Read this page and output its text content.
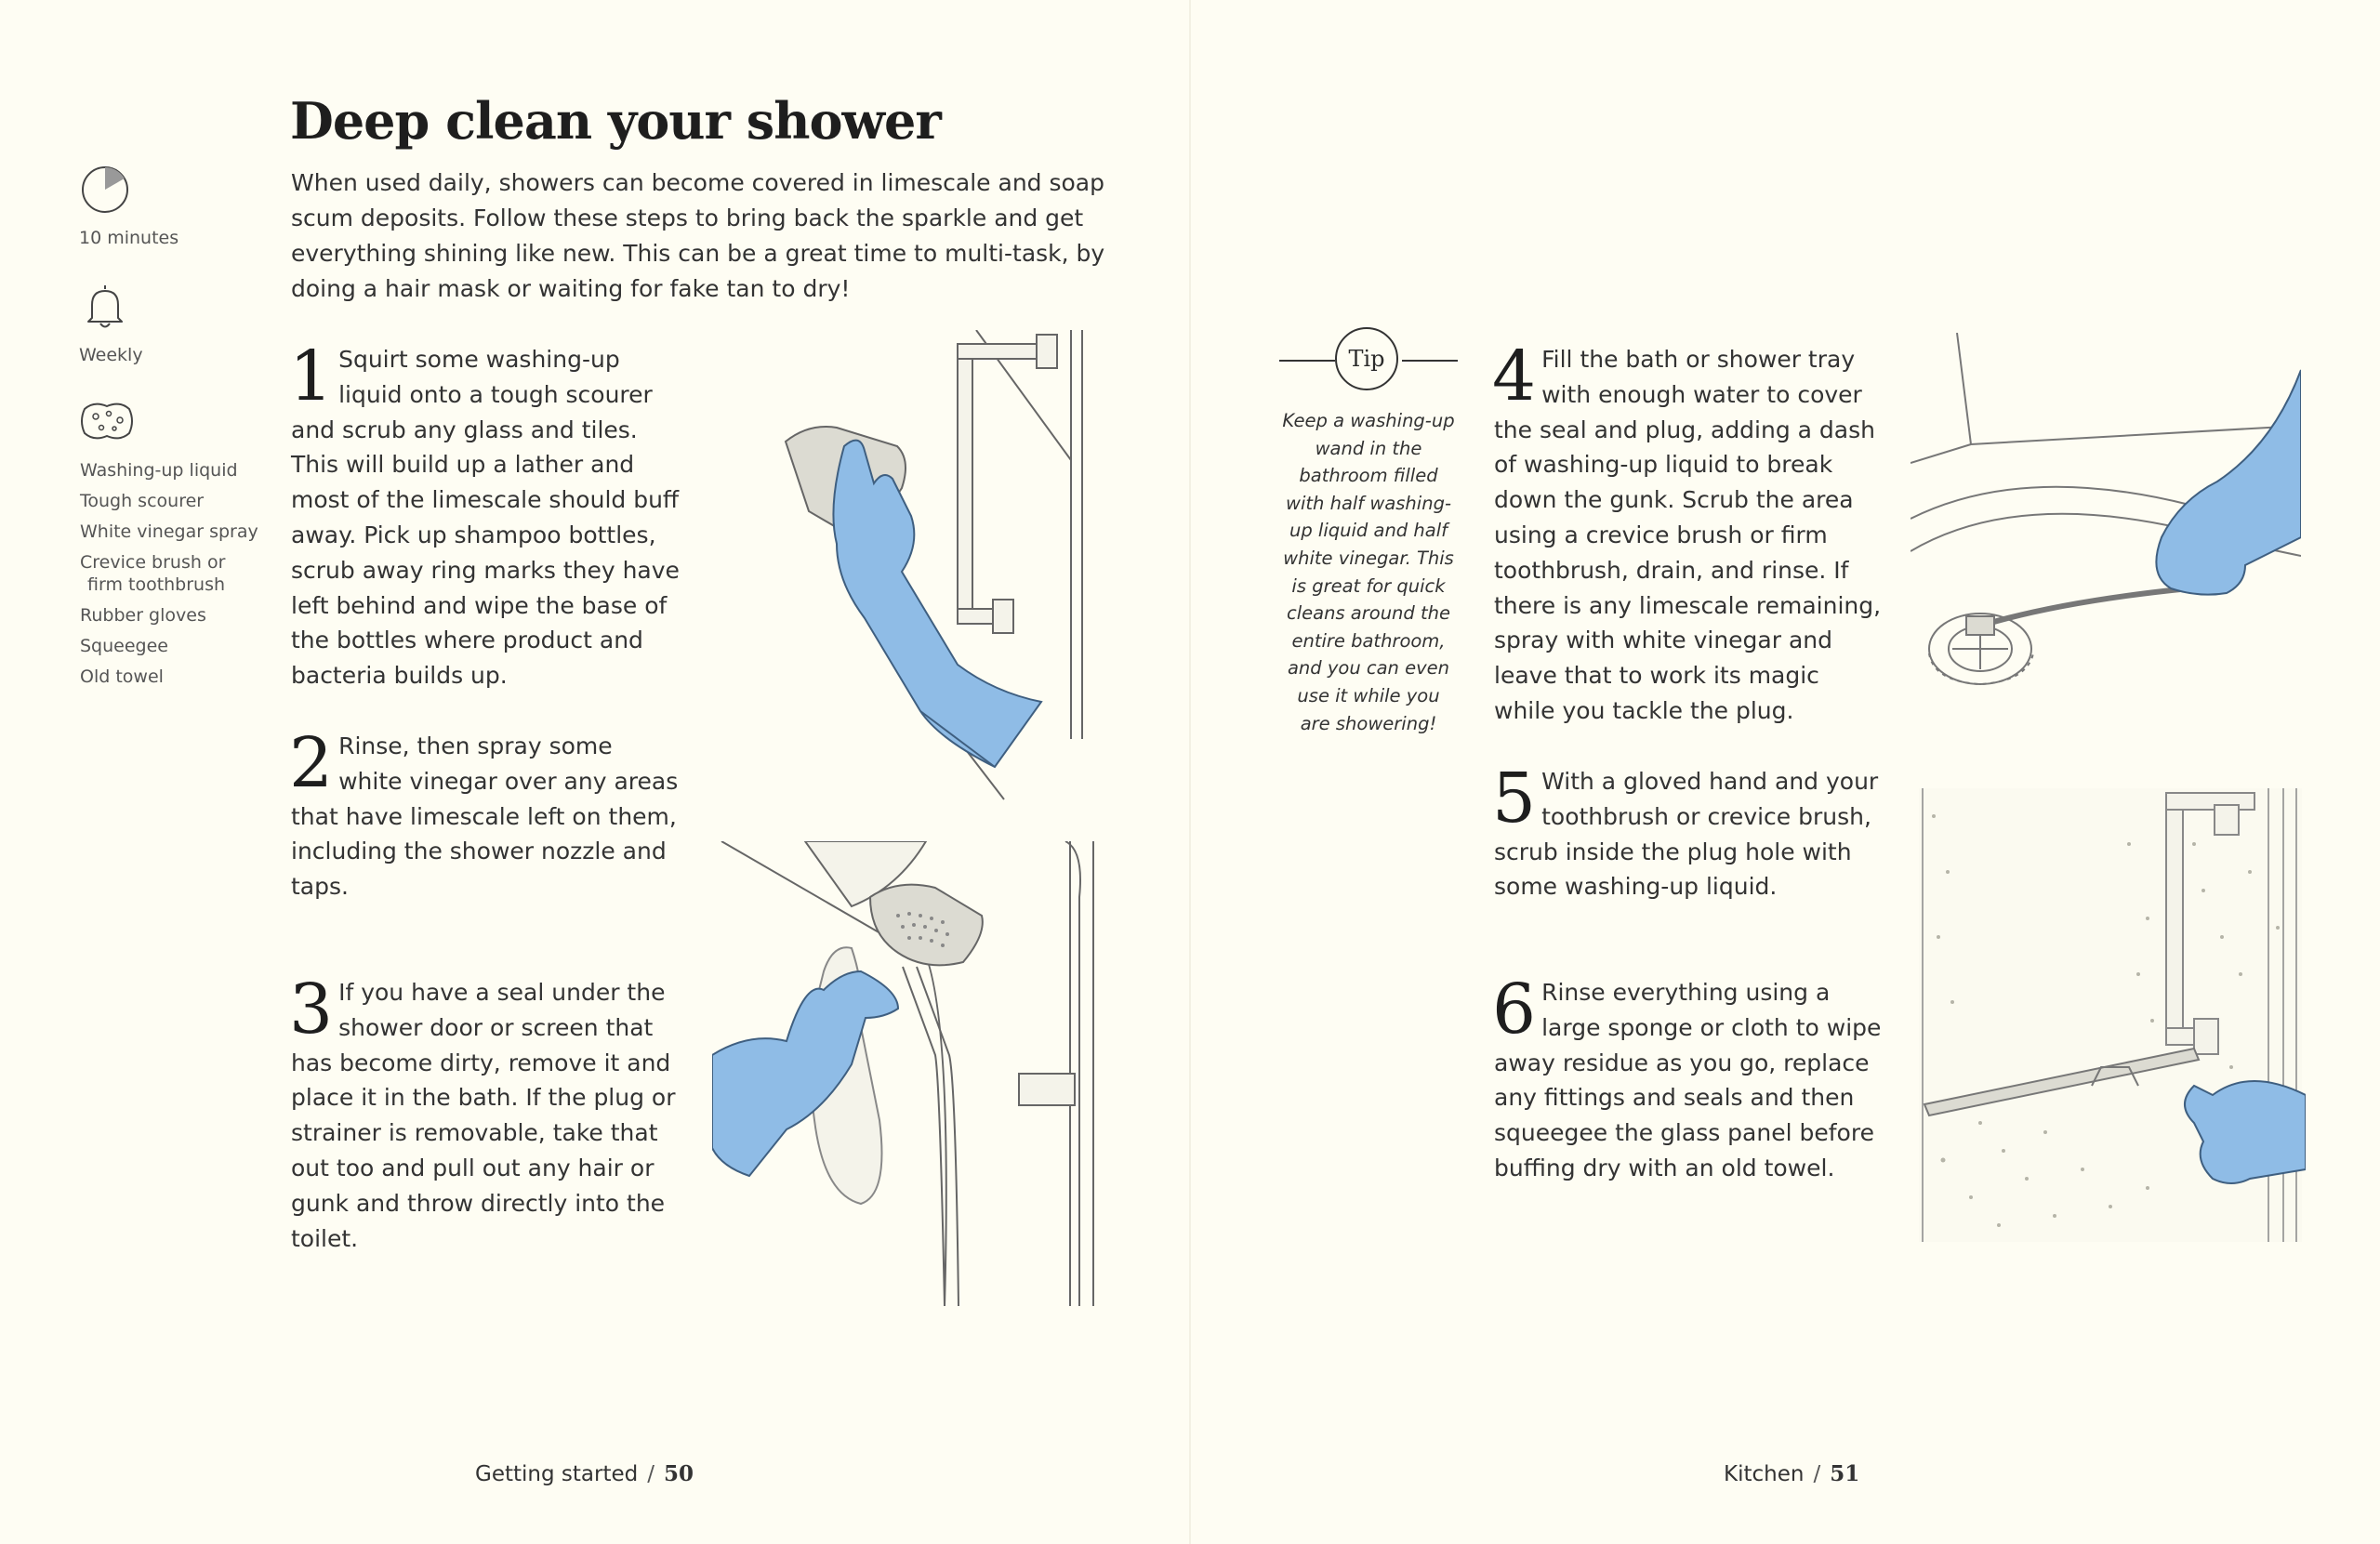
Deep clean your shower
When used daily, showers can become covered in limescale and soap scum deposits. Follow these steps to bring back the sparkle and get everything shining like new. This can be a great time to multi-task, by doing a hair mask or waiting for fake tan to dry!
10 minutes
Weekly
Washing-up liquid
Tough scourer
White vinegar spray
Crevice brush or
firm toothbrush
Rubber gloves
Squeegee
Old towel
1 Squirt some washing-up liquid onto a tough scourer and scrub any glass and tiles. This will build up a lather and most of the limescale should buff away. Pick up shampoo bottles, scrub away ring marks they have left behind and wipe the base of the bottles where product and bacteria builds up.
2 Rinse, then spray some white vinegar over any areas that have limescale left on them, including the shower nozzle and taps.
3 If you have a seal under the shower door or screen that has become dirty, remove it and place it in the bath. If the plug or strainer is removable, take that out too and pull out any hair or gunk and throw directly into the toilet.
Getting started / 50
Tip
Keep a washing-up wand in the bathroom filled with half washing-up liquid and half white vinegar. This is great for quick cleans around the entire bathroom, and you can even use it while you are showering!
4 Fill the bath or shower tray with enough water to cover the seal and plug, adding a dash of washing-up liquid to break down the gunk. Scrub the area using a crevice brush or firm toothbrush, drain, and rinse. If there is any limescale remaining, spray with white vinegar and leave that to work its magic while you tackle the plug.
5 With a gloved hand and your toothbrush or crevice brush, scrub inside the plug hole with some washing-up liquid.
6 Rinse everything using a large sponge or cloth to wipe away residue as you go, replace any fittings and seals and then squeegee the glass panel before buffing dry with an old towel.
Kitchen / 51
